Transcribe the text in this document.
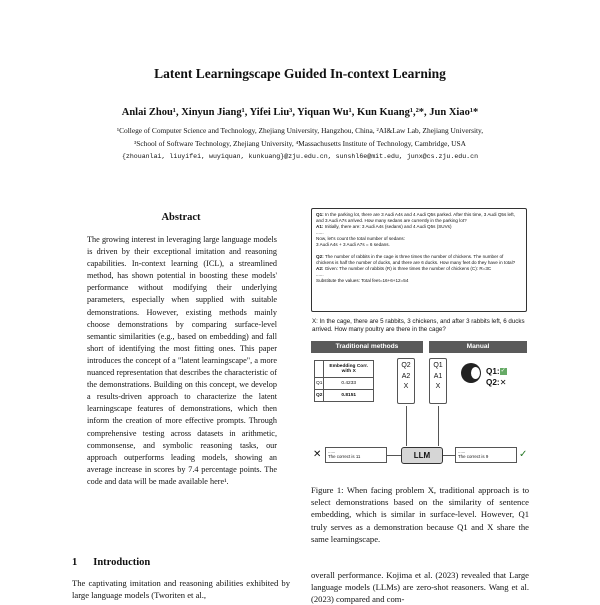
Latent Learningscape Guided In-context Learning
Anlai Zhou¹, Xinyun Jiang¹, Yifei Liu³, Yiquan Wu¹, Kun Kuang¹,²*, Jun Xiao¹*
¹College of Computer Science and Technology, Zhejiang University, Hangzhou, China, ²AI&Law Lab, Zhejiang University,
³School of Software Technology, Zhejiang University, ⁴Massachusetts Institute of Technology, Cambridge, USA
{zhouanlai, liuyifei, wuyiquan, kunkuang}@zju.edu.cn, sunshl6e@mit.edu, junx@cs.zju.edu.cn
Abstract
The growing interest in leveraging large language models is driven by their exceptional imitation and reasoning capabilities. In-context learning (ICL), a streamlined method, has shown potential in boosting these models' performance without modifying their underlying parameters, especially when supplied with suitable demonstrations. However, existing methods mainly choose demonstrations by comparing surface-level semantic similarities (e.g., based on embedding) and fall short of identifying the most fitting ones. This paper introduces the concept of a "latent learningscape", a more nuanced representation that describes the characteristic of the demonstrations. Building on this concept, we develop a results-driven approach to characterize the latent learningscape features of demonstrations, which then inform the creation of more effective prompts. Through comprehensive testing across datasets in arithmetic, commonsense, and symbolic reasoning tasks, our approach outperforms leading models, showing an average increase in scores by 7.4 percentage points. The code and data will be made available here¹.
1 Introduction
The captivating imitation and reasoning abilities exhibited by large language models (Tworiten et al.,
overall performance. Kojima et al. (2023) revealed that Large language models (LLMs) are zero-shot reasoners. Wang et al. (2023) compared and com-
Q1: In the parking lot, there are 3 Audi A4s and 4 Audi Q5s parked. After this time, 3 Audi Q5s left, and 3 Audi A7s arrived. How many sedans are currently in the parking lot?
A1: Initially, there are: 3 Audi A4s (sedans) and 4 Audi Q5s (SUVs)
......
Now, let's count the total number of sedans:
3 Audi A4s + 3 Audi A7s = 6 sedans.
Q2: The number of rabbits in the cage is three times the number of chickens. The number of chickens is half the number of ducks, and there are 6 ducks. How many feet do they have in total?
A2: Given: The number of rabbits (R) is three times the number of chickens (C): R=3C
......
Substitute the values: Total feet=16+6+12=54
X: In the cage, there are 5 rabbits, 3 chickens, and after 3 rabbits left, 6 ducks arrived. How many poultry are there in the cage?
Traditional methods	Manual
	Embedding Corr. with X
Q1	0.4233
Q2	0.8151
Q2
A2
X
Q1
A1
X
Q1:✓
Q2:✕
LLM
✕ ......
The correct is 11
......
The correct is 9	✓
Figure 1: When facing problem X, traditional approach is to select demonstrations based on the similarity of sentence embedding, which is similar in surface-level. However, Q1 truly serves as a demonstration because Q1 and X share the same learningscape.
